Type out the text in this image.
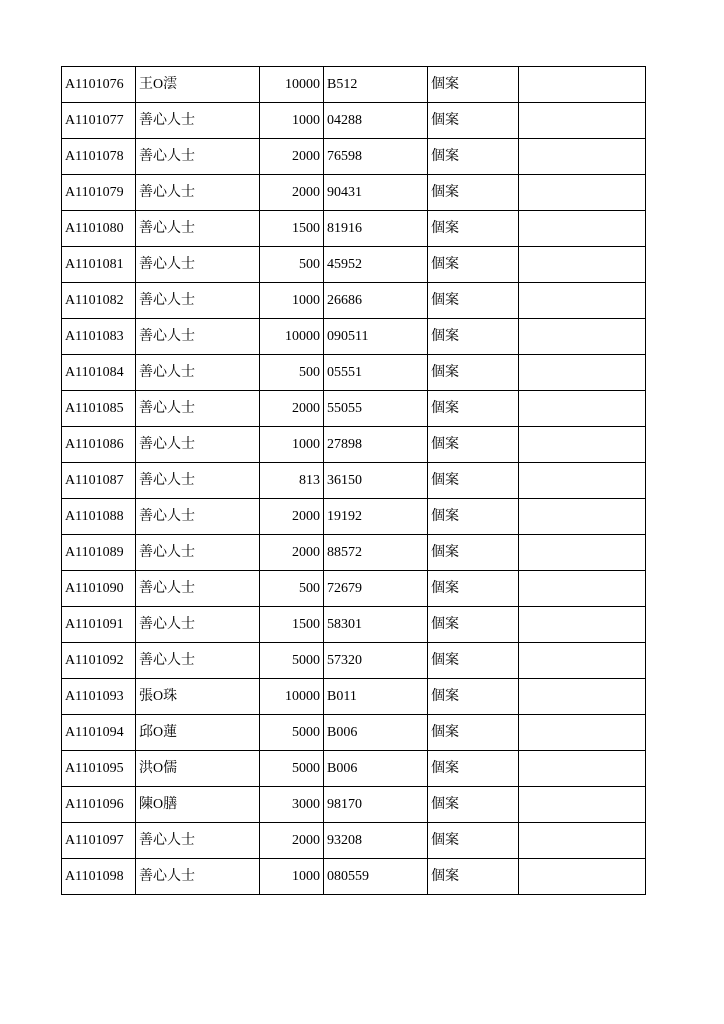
A1101076	王O澐	10000	B512	個案	
A1101077	善心人士	1000	04288	個案	
A1101078	善心人士	2000	76598	個案	
A1101079	善心人士	2000	90431	個案	
A1101080	善心人士	1500	81916	個案	
A1101081	善心人士	500	45952	個案	
A1101082	善心人士	1000	26686	個案	
A1101083	善心人士	10000	090511	個案	
A1101084	善心人士	500	05551	個案	
A1101085	善心人士	2000	55055	個案	
A1101086	善心人士	1000	27898	個案	
A1101087	善心人士	813	36150	個案	
A1101088	善心人士	2000	19192	個案	
A1101089	善心人士	2000	88572	個案	
A1101090	善心人士	500	72679	個案	
A1101091	善心人士	1500	58301	個案	
A1101092	善心人士	5000	57320	個案	
A1101093	張O珠	10000	B011	個案	
A1101094	邱O蓮	5000	B006	個案	
A1101095	洪O儒	5000	B006	個案	
A1101096	陳O膳	3000	98170	個案	
A1101097	善心人士	2000	93208	個案	
A1101098	善心人士	1000	080559	個案	
